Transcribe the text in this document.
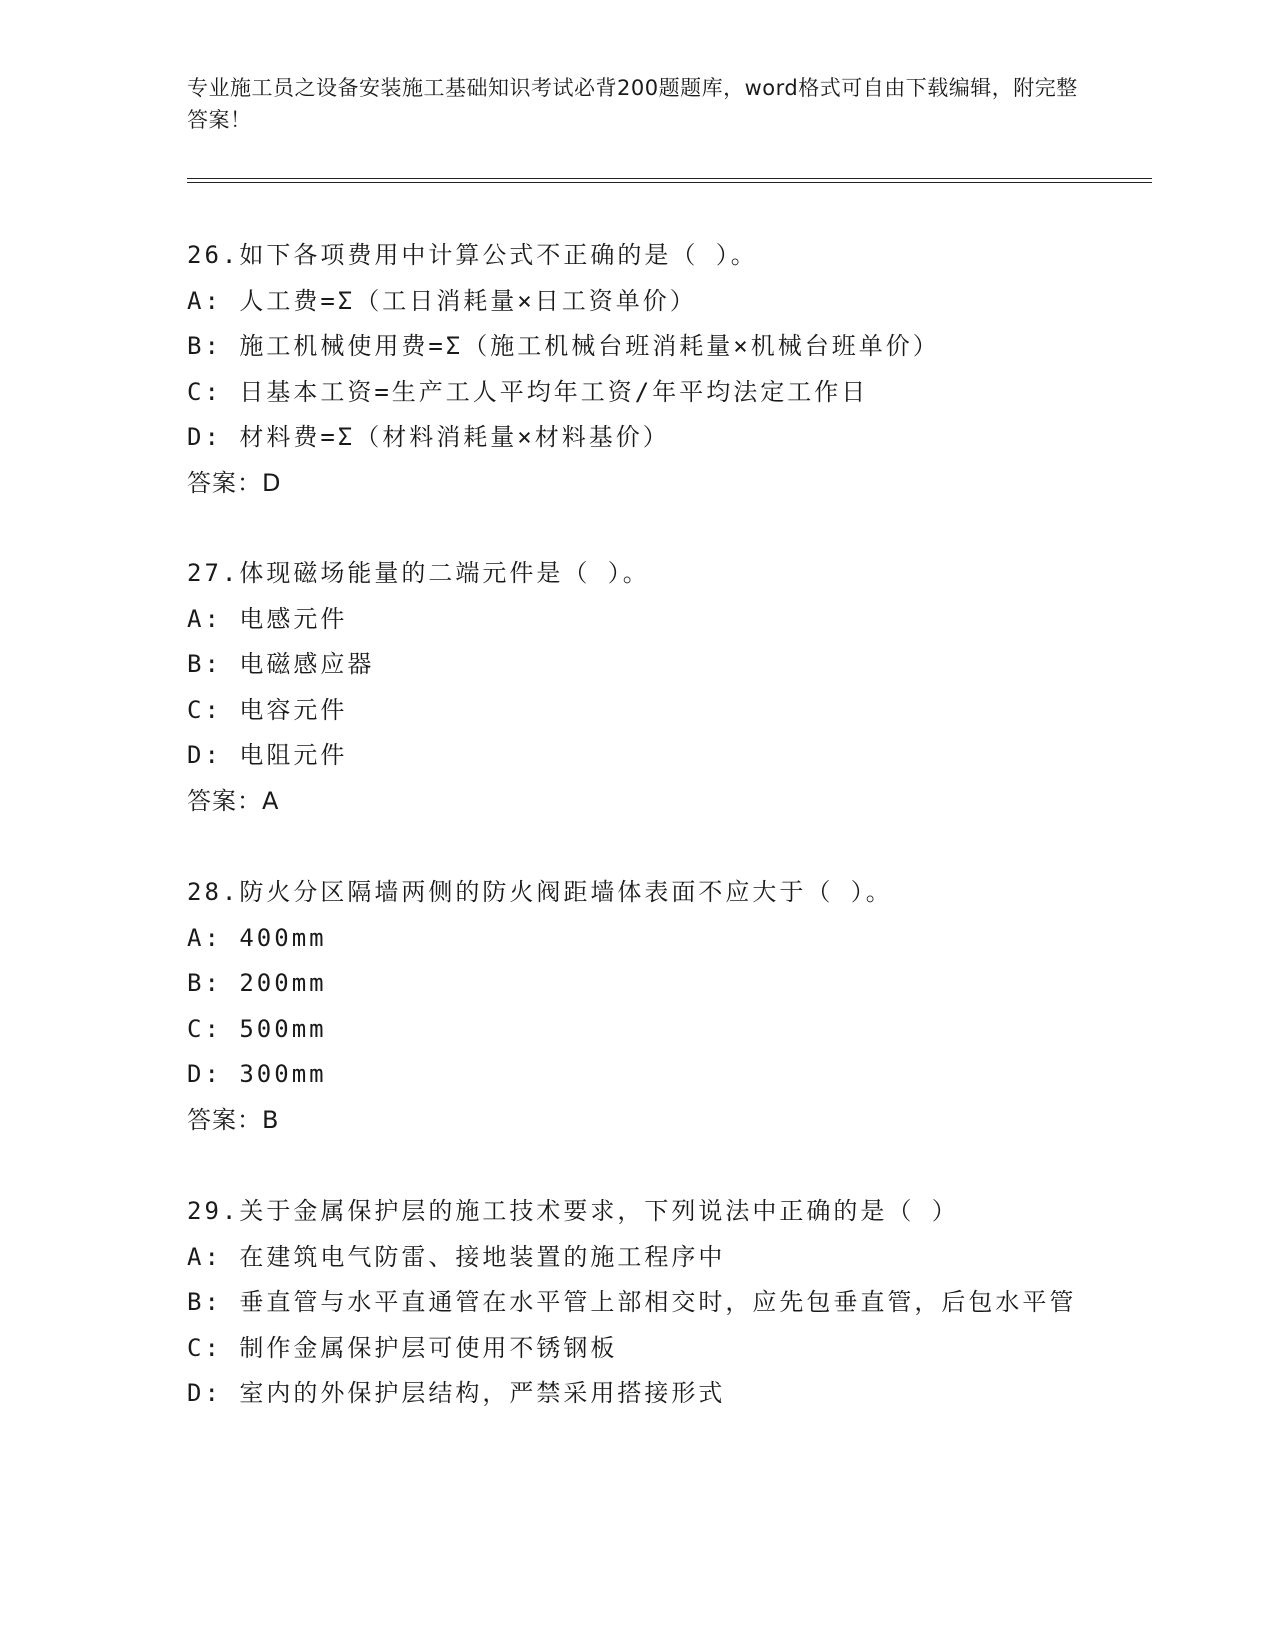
专业施工员之设备安装施工基础知识考试必背200题题库，word格式可自由下载编辑，附完整答案！
26.如下各项费用中计算公式不正确的是（ ）。
A: 人工费=Σ（工日消耗量×日工资单价）
B: 施工机械使用费=Σ（施工机械台班消耗量×机械台班单价）
C: 日基本工资=生产工人平均年工资/年平均法定工作日
D: 材料费=Σ（材料消耗量×材料基价）
答案：D
27.体现磁场能量的二端元件是（ ）。
A: 电感元件
B: 电磁感应器
C: 电容元件
D: 电阻元件
答案：A
28.防火分区隔墙两侧的防火阀距墙体表面不应大于（ ）。
A: 400mm
B: 200mm
C: 500mm
D: 300mm
答案：B
29.关于金属保护层的施工技术要求，下列说法中正确的是（ ）
A: 在建筑电气防雷、接地装置的施工程序中
B: 垂直管与水平直通管在水平管上部相交时，应先包垂直管，后包水平管
C: 制作金属保护层可使用不锈钢板
D: 室内的外保护层结构，严禁采用搭接形式
